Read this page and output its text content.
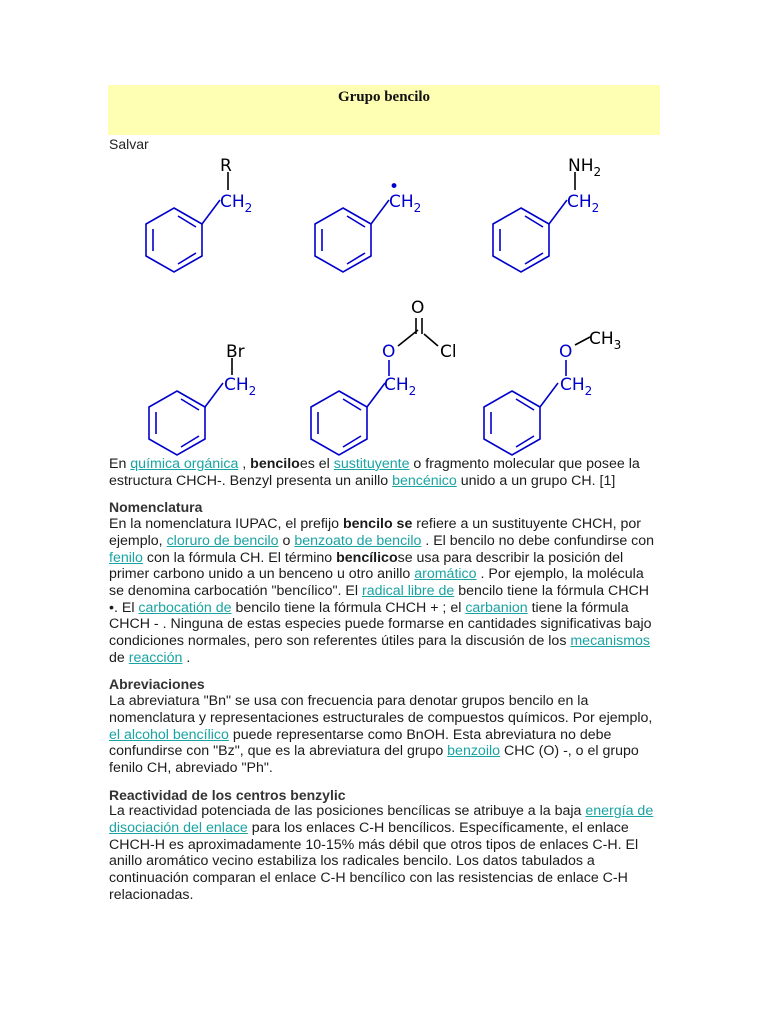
Grupo bencilo
Salvar
R	$NH_2$
Br
O
Cl
$CH_3$
$CH_2$
•
$CH_2$	$CH_2$
$CH_2$
O
$CH_2$
O
$CH_2$

En química orgánica , benciloes el sustituyente o fragmento molecular que posee la estructura CHCH-. Benzyl presenta un anillo bencénico unido a un grupo CH. [1]

Nomenclatura

En la nomenclatura IUPAC, el prefijo bencilo se refiere a un sustituyente CHCH, por ejemplo, cloruro de bencilo o benzoato de bencilo . El bencilo no debe confundirse con fenilo con la fórmula CH. El término bencílicose usa para describir la posición del primer carbono unido a un benceno u otro anillo aromático . Por ejemplo, la molécula se denomina carbocatión "bencílico". El radical libre de bencilo tiene la fórmula CHCH •. El carbocatión de bencilo tiene la fórmula CHCH + ; el carbanion tiene la fórmula CHCH - . Ninguna de estas especies puede formarse en cantidades significativas bajo condiciones normales, pero son referentes útiles para la discusión de los mecanismos de reacción .

Abreviaciones

La abreviatura "Bn" se usa con frecuencia para denotar grupos bencilo en la nomenclatura y representaciones estructurales de compuestos químicos. Por ejemplo, el alcohol bencílico puede representarse como BnOH. Esta abreviatura no debe confundirse con "Bz", que es la abreviatura del grupo benzoilo CHC (O) -, o el grupo fenilo CH, abreviado "Ph".

Reactividad de los centros benzylic

La reactividad potenciada de las posiciones bencílicas se atribuye a la baja energía de disociación del enlace para los enlaces C-H bencílicos. Específicamente, el enlace CHCH-H es aproximadamente 10-15% más débil que otros tipos de enlaces C-H. El anillo aromático vecino estabiliza los radicales bencilo. Los datos tabulados a continuación comparan el enlace C-H bencílico con las resistencias de enlace C-H relacionadas.
